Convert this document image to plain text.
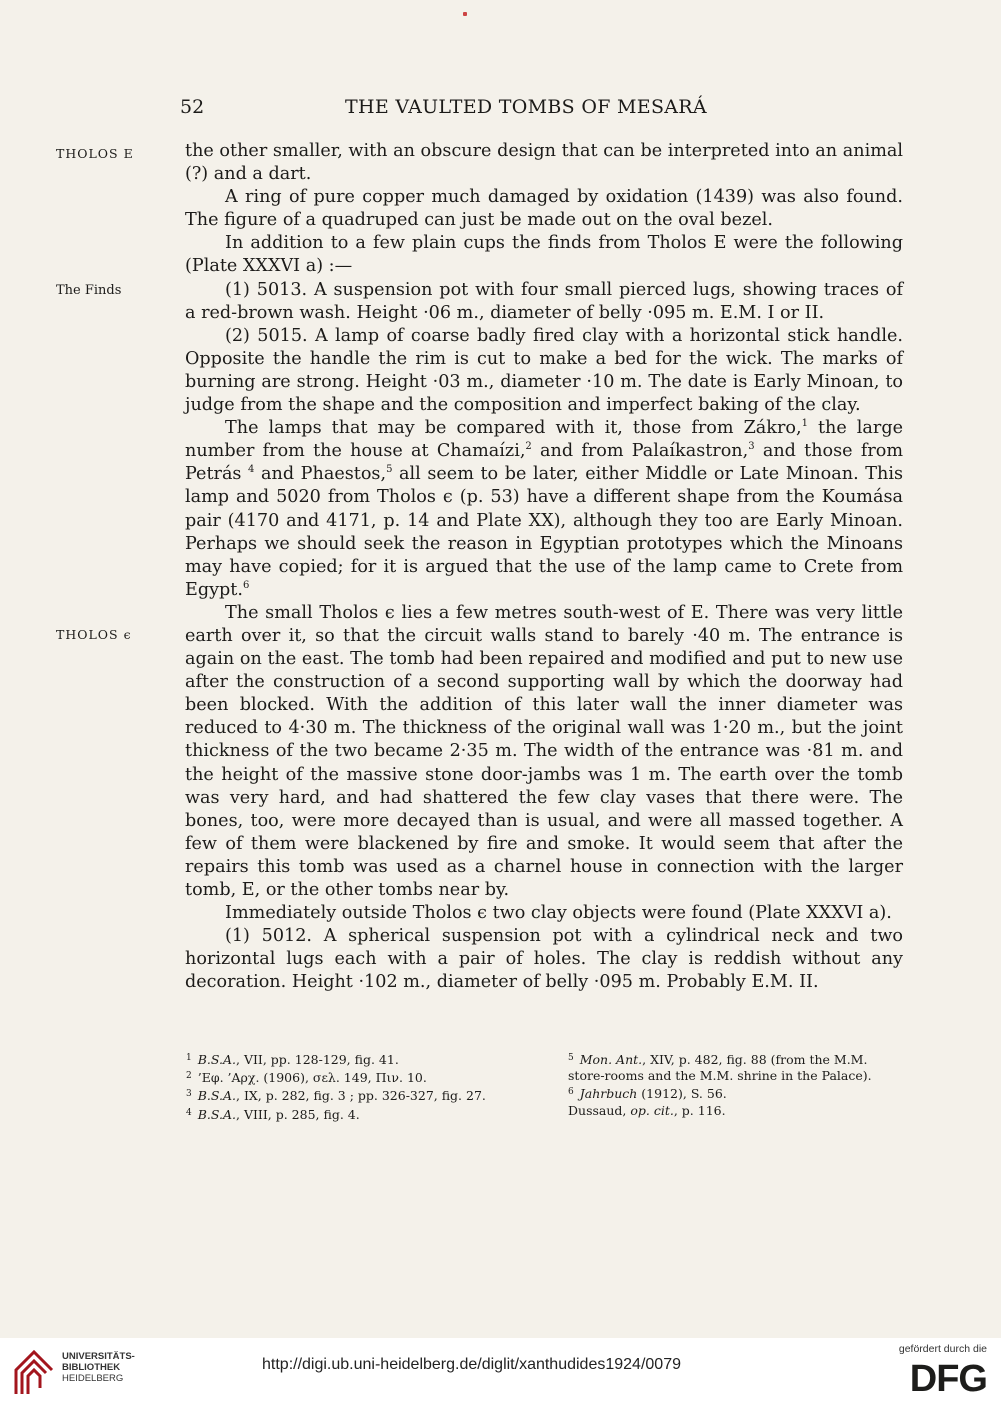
52	THE VAULTED TOMBS OF MESARÁ
THOLOS E
The Finds
THOLOS ϵ

the other smaller, with an obscure design that can be interpreted into an animal (?) and a dart.

A ring of pure copper much damaged by oxidation (1439) was also found. The figure of a quadruped can just be made out on the oval bezel.

In addition to a few plain cups the finds from Tholos E were the following (Plate XXXVI a) :—

(1) 5013. A suspension pot with four small pierced lugs, showing traces of a red-brown wash. Height ·06 m., diameter of belly ·095 m. E.M. I or II.

(2) 5015. A lamp of coarse badly fired clay with a horizontal stick handle. Opposite the handle the rim is cut to make a bed for the wick. The marks of burning are strong. Height ·03 m., diameter ·10 m. The date is Early Minoan, to judge from the shape and the composition and imperfect baking of the clay.

The lamps that may be compared with it, those from Zákro,$^1$ the large number from the house at Chamaízi,$^2$ and from Palaíkastron,$^3$ and those from Petrás $^4$ and Phaestos,$^5$ all seem to be later, either Middle or Late Minoan. This lamp and 5020 from Tholos ϵ (p. 53) have a different shape from the Koumása pair (4170 and 4171, p. 14 and Plate XX), although they too are Early Minoan. Perhaps we should seek the reason in Egyptian prototypes which the Minoans may have copied; for it is argued that the use of the lamp came to Crete from Egypt.$^6$

The small Tholos ϵ lies a few metres south-west of E. There was very little earth over it, so that the circuit walls stand to barely ·40 m. The entrance is again on the east. The tomb had been repaired and modified and put to new use after the construction of a second supporting wall by which the doorway had been blocked. With the addition of this later wall the inner diameter was reduced to 4·30 m. The thickness of the original wall was 1·20 m., but the joint thickness of the two became 2·35 m. The width of the entrance was ·81 m. and the height of the massive stone door-jambs was 1 m. The earth over the tomb was very hard, and had shattered the few clay vases that there were. The bones, too, were more decayed than is usual, and were all massed together. A few of them were blackened by fire and smoke. It would seem that after the repairs this tomb was used as a charnel house in connection with the larger tomb, E, or the other tombs near by.

Immediately outside Tholos ϵ two clay objects were found (Plate XXXVI a).

(1) 5012. A spherical suspension pot with a cylindrical neck and two horizontal lugs each with a pair of holes. The clay is reddish without any decoration. Height ·102 m., diameter of belly ·095 m. Probably E.M. II.

$^1$ B.S.A., VII, pp. 128-129, fig. 41.
$^2$ ’Εφ. ’Αρχ. (1906), σελ. 149, Πιν. 10.
$^3$ B.S.A., IX, p. 282, fig. 3 ; pp. 326-327, fig. 27.
$^4$ B.S.A., VIII, p. 285, fig. 4.
$^5$ Mon. Ant., XIV, p. 482, fig. 88 (from the M.M.
store-rooms and the M.M. shrine in the Palace).
$^6$ Jahrbuch (1912), S. 56.
Dussaud, op. cit., p. 116.
UNIVERSITÄTS-
BIBLIOTHEK
HEIDELBERG
http://digi.ub.uni-heidelberg.de/diglit/xanthudides1924/0079
gefördert durch die
DFG
